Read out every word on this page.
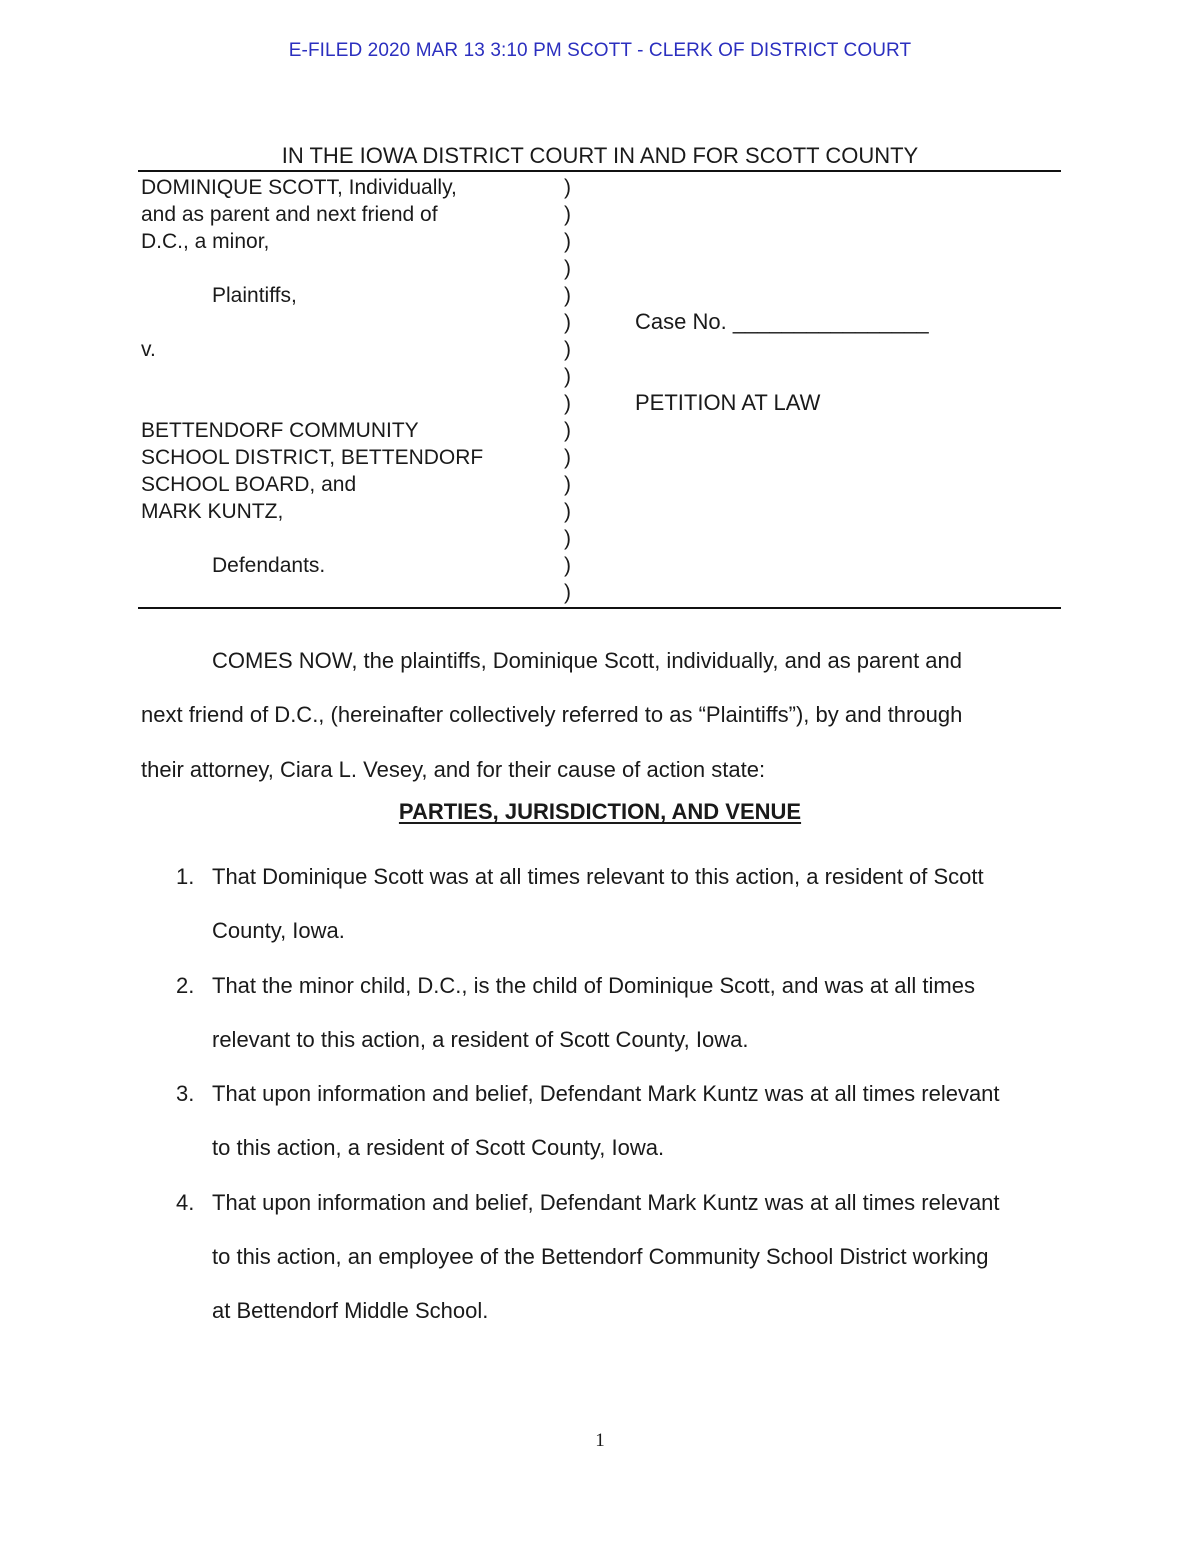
E-FILED 2020 MAR 13 3:10 PM SCOTT - CLERK OF DISTRICT COURT
IN THE IOWA DISTRICT COURT IN AND FOR SCOTT COUNTY
DOMINIQUE SCOTT, Individually,
and as parent and next friend of
D.C., a minor,
Plaintiffs,
v.
BETTENDORF COMMUNITY
SCHOOL DISTRICT, BETTENDORF
SCHOOL BOARD, and
MARK KUNTZ,
Defendants.
)
)
)
)
)
)
)
)
)
)
)
)
)
)
)
)
Case No. ________________
PETITION AT LAW
COMES NOW, the plaintiffs, Dominique Scott, individually, and as parent and
next friend of D.C., (hereinafter collectively referred to as “Plaintiffs”), by and through
their attorney, Ciara L. Vesey, and for their cause of action state:
PARTIES, JURISDICTION, AND VENUE
1. That Dominique Scott was at all times relevant to this action, a resident of Scott
County, Iowa.
2. That the minor child, D.C., is the child of Dominique Scott, and was at all times
relevant to this action, a resident of Scott County, Iowa.
3. That upon information and belief, Defendant Mark Kuntz was at all times relevant
to this action, a resident of Scott County, Iowa.
4. That upon information and belief, Defendant Mark Kuntz was at all times relevant
to this action, an employee of the Bettendorf Community School District working
at Bettendorf Middle School.
1
